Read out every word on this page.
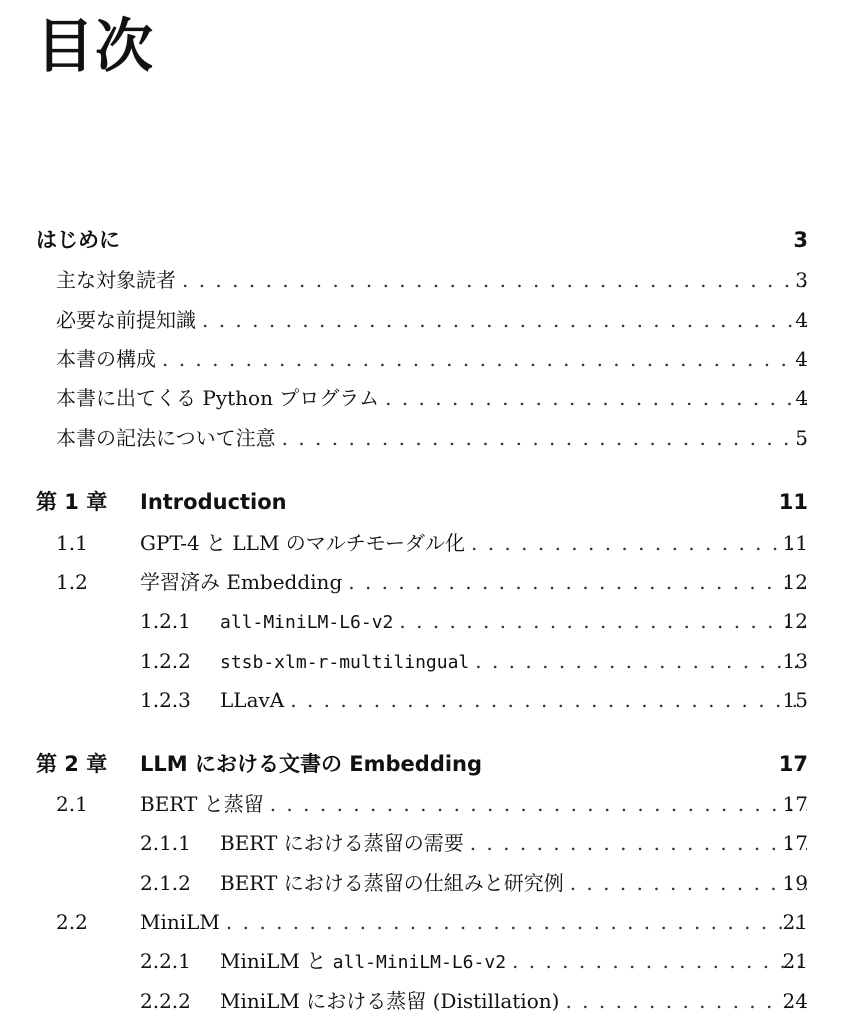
目次
はじめに	3
主な対象読者 . . .	3
必要な前提知識 . . .	4
本書の構成 . . .	4
本書に出てくる Python プログラム . . .	4
本書の記法について注意 . . .	5
第 1 章 Introduction	11
1.1	GPT-4 と LLM のマルチモーダル化 . . .	11
1.2	学習済み Embedding . . .	12
1.2.1 all-MiniLM-L6-v2 . . .	12
1.2.2 stsb-xlm-r-multilingual . . .	13
1.2.3 LLavA . . .	15
第 2 章 LLM における文書の Embedding	17
2.1	BERT と蒸留 . . .	17
2.1.1 BERT における蒸留の需要 . . .	17
2.1.2 BERT における蒸留の仕組みと研究例 . . .	19
2.2	MiniLM . . .	21
2.2.1 MiniLM と all-MiniLM-L6-v2 . . .	21
2.2.2 MiniLM における蒸留 (Distillation) . . .	24
